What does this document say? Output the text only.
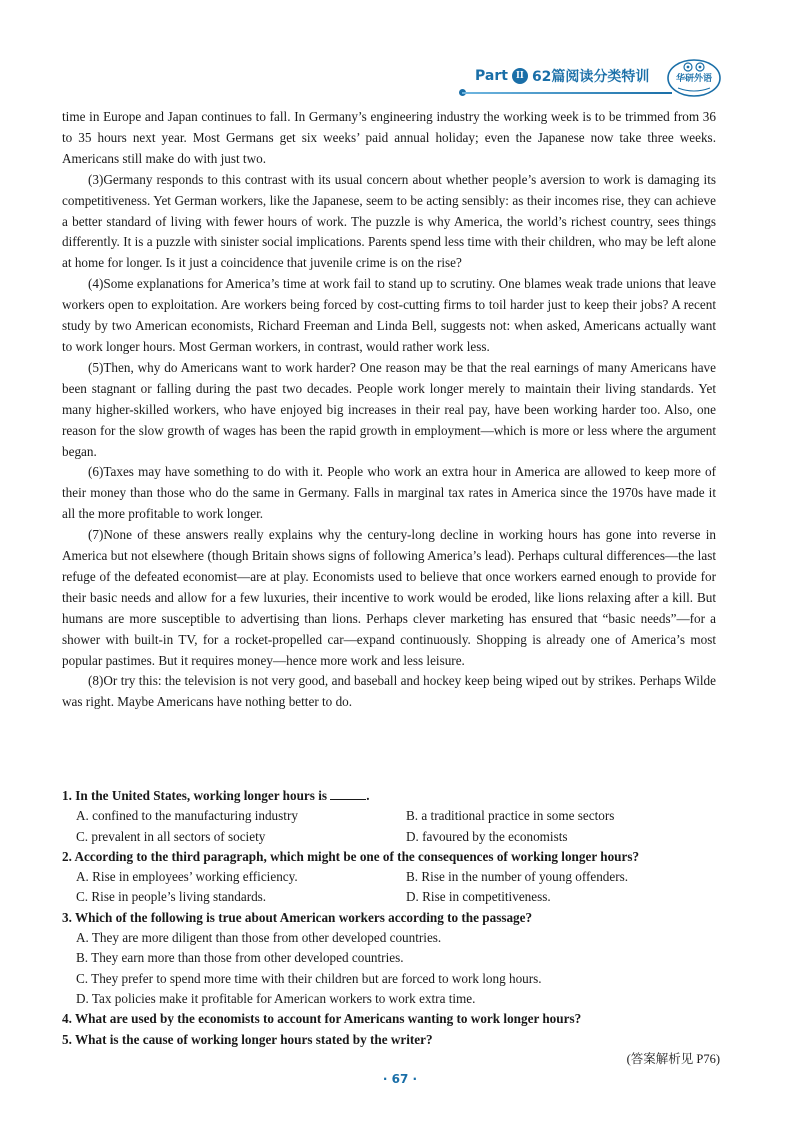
Part II 62篇阅读分类特训	华研外语

time in Europe and Japan continues to fall. In Germany’s engineering industry the working week is to be trimmed from 36 to 35 hours next year. Most Germans get six weeks’ paid annual holiday; even the Japanese now take three weeks. Americans still make do with just two.

(3)Germany responds to this contrast with its usual concern about whether people’s aversion to work is damaging its competitiveness. Yet German workers, like the Japanese, seem to be acting sensibly: as their incomes rise, they can achieve a better standard of living with fewer hours of work. The puzzle is why America, the world’s richest country, sees things differently. It is a puzzle with sinister social implications. Parents spend less time with their children, who may be left alone at home for longer. Is it just a coincidence that juvenile crime is on the rise?

(4)Some explanations for America’s time at work fail to stand up to scrutiny. One blames weak trade unions that leave workers open to exploitation. Are workers being forced by cost-cutting firms to toil harder just to keep their jobs? A recent study by two American economists, Richard Freeman and Linda Bell, suggests not: when asked, Americans actually want to work longer hours. Most German workers, in contrast, would rather work less.

(5)Then, why do Americans want to work harder? One reason may be that the real earnings of many Americans have been stagnant or falling during the past two decades. People work longer merely to maintain their living standards. Yet many higher-skilled workers, who have enjoyed big increases in their real pay, have been working harder too. Also, one reason for the slow growth of wages has been the rapid growth in employment—which is more or less where the argument began.

(6)Taxes may have something to do with it. People who work an extra hour in America are allowed to keep more of their money than those who do the same in Germany. Falls in marginal tax rates in America since the 1970s have made it all the more profitable to work longer.

(7)None of these answers really explains why the century-long decline in working hours has gone into reverse in America but not elsewhere (though Britain shows signs of following America’s lead). Perhaps cultural differences—the last refuge of the defeated economist—are at play. Economists used to believe that once workers earned enough to provide for their basic needs and allow for a few luxuries, their incentive to work would be eroded, like lions relaxing after a kill. But humans are more susceptible to advertising than lions. Perhaps clever marketing has ensured that “basic needs”—for a shower with built-in TV, for a rocket-propelled car—expand continuously. Shopping is already one of America’s most popular pastimes. But it requires money—hence more work and less leisure.

(8)Or try this: the television is not very good, and baseball and hockey keep being wiped out by strikes. Perhaps Wilde was right. Maybe Americans have nothing better to do.

1. In the United States, working longer hours is	.

A. confined to the manufacturing industry	B. a traditional practice in some sectors
C. prevalent in all sectors of society	D. favoured by the economists

2. According to the third paragraph, which might be one of the consequences of working longer hours?

A. Rise in employees’ working efficiency.	B. Rise in the number of young offenders.
C. Rise in people’s living standards.	D. Rise in competitiveness.

3. Which of the following is true about American workers according to the passage?

A. They are more diligent than those from other developed countries.
B. They earn more than those from other developed countries.
C. They prefer to spend more time with their children but are forced to work long hours.
D. Tax policies make it profitable for American workers to work extra time.

4. What are used by the economists to account for Americans wanting to work longer hours?

5. What is the cause of working longer hours stated by the writer?

(答案解析见 P76)
· 67 ·
